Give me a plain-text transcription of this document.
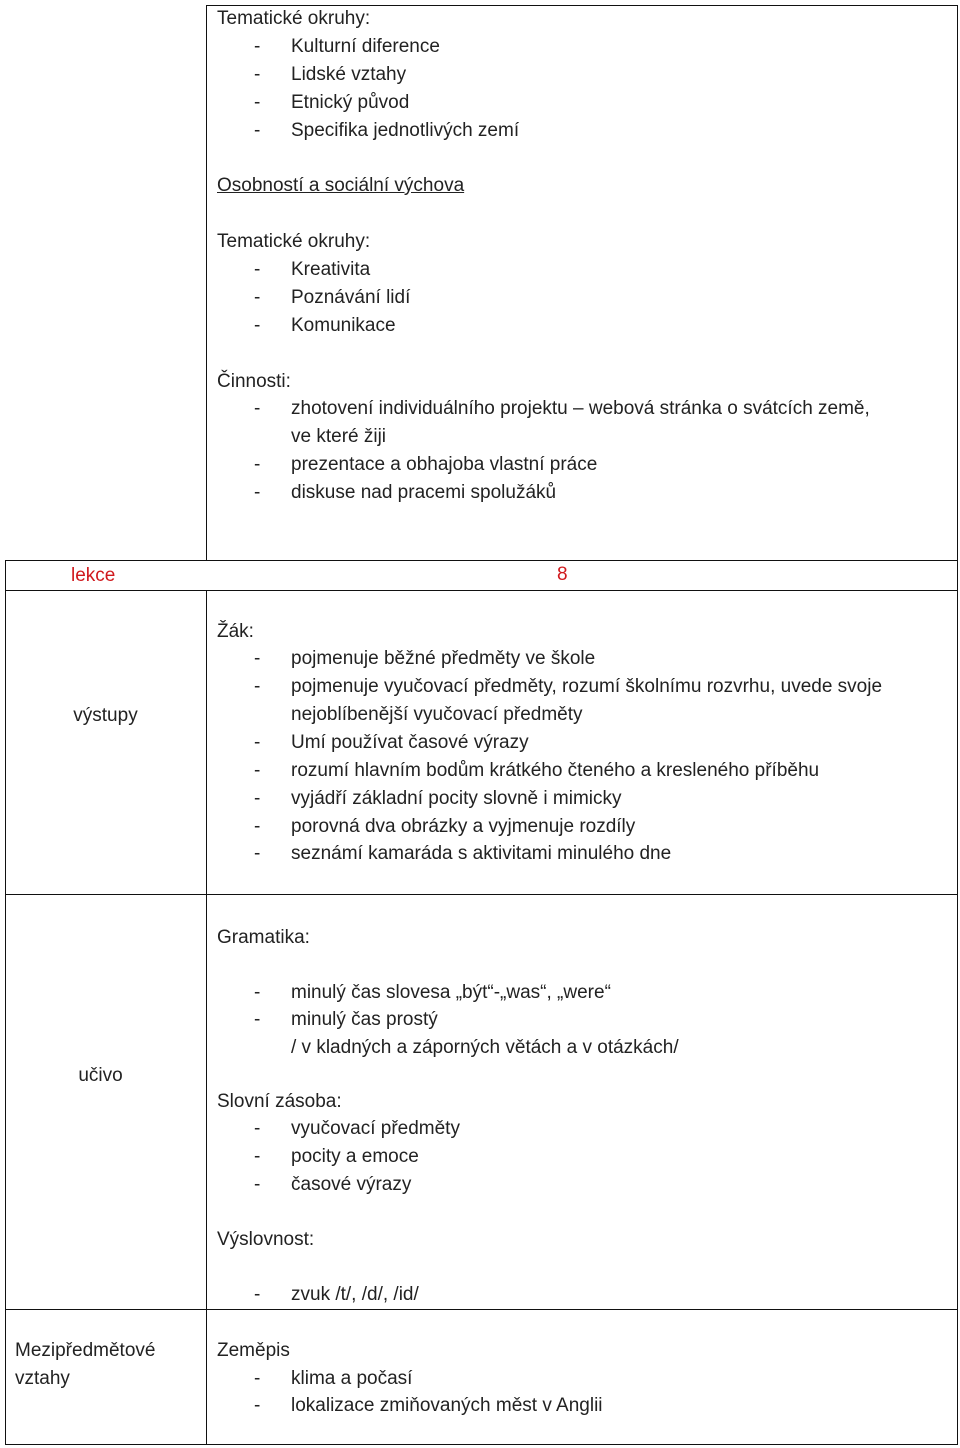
Tematické okruhy:
- Kulturní diference
- Lidské vztahy
- Etnický původ
- Specifika jednotlivých zemí
Osobností a sociální výchova
Tematické okruhy:
- Kreativita
- Poznávání lidí
- Komunikace
Činnosti:
- zhotovení individuálního projektu – webová stránka o svátcích země,
ve které žiji
- prezentace a obhajoba vlastní práce
- diskuse nad pracemi spolužáků
lekce	8
výstupy
Žák:
- pojmenuje běžné předměty ve škole
- pojmenuje vyučovací předměty, rozumí školnímu rozvrhu, uvede svoje
nejoblíbenější vyučovací předměty
- Umí používat časové výrazy
- rozumí hlavním bodům krátkého čteného a kresleného příběhu
- vyjádří základní pocity slovně i mimicky
- porovná dva obrázky a vyjmenuje rozdíly
- seznámí kamaráda s aktivitami minulého dne
učivo
Gramatika:
- minulý čas slovesa „být“-„was“, „were“
- minulý čas prostý
/ v kladných a záporných větách a v otázkách/
Slovní zásoba:
- vyučovací předměty
- pocity a emoce
- časové výrazy
Výslovnost:
- zvuk /t/, /d/, /id/
Mezipředmětové
vztahy
Zeměpis
- klima a počasí
- lokalizace zmiňovaných měst v Anglii
